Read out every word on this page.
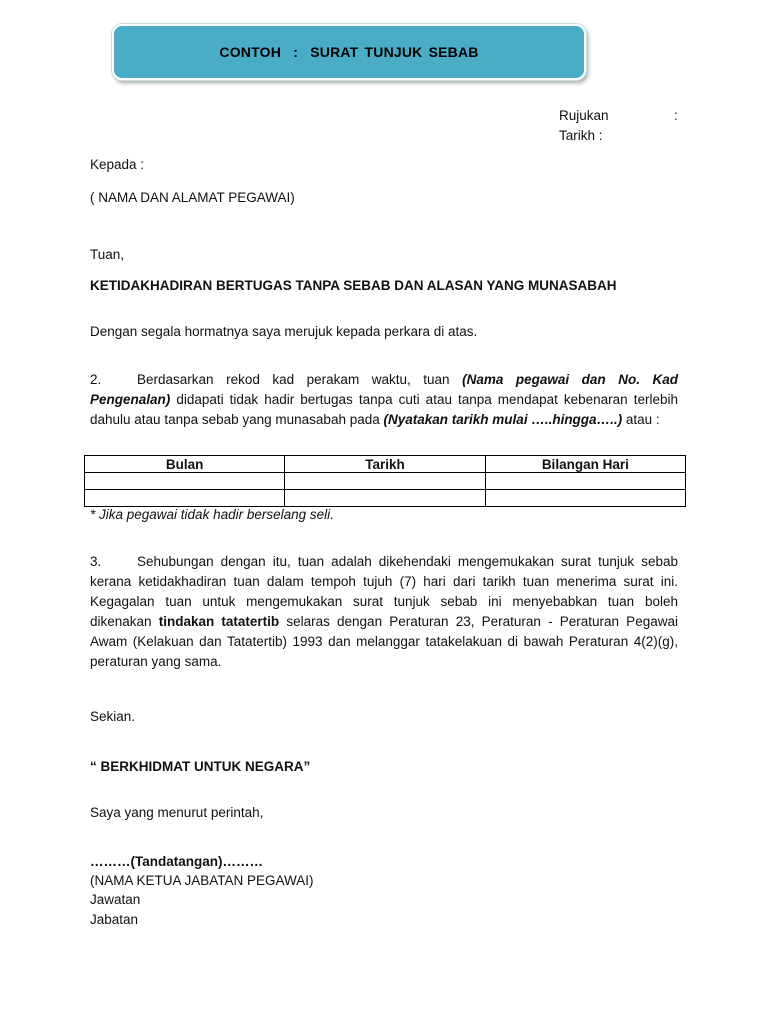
CONTOH  :  SURAT TUNJUK SEBAB
Rujukan	:
Tarikh :
Kepada :
( NAMA DAN ALAMAT PEGAWAI)
Tuan,
KETIDAKHADIRAN BERTUGAS TANPA SEBAB DAN ALASAN YANG MUNASABAH
Dengan segala hormatnya saya merujuk kepada perkara di atas.
2.	Berdasarkan rekod kad perakam waktu, tuan (Nama pegawai dan No. Kad
Pengenalan) didapati tidak hadir bertugas tanpa cuti atau tanpa mendapat kebenaran terlebih
dahulu atau tanpa sebab yang munasabah pada (Nyatakan tarikh mulai …..hingga…..) atau :
Bulan	Tarikh	Bilangan Hari

* Jika pegawai tidak hadir berselang seli.
3.	Sehubungan dengan itu, tuan adalah dikehendaki mengemukakan surat tunjuk sebab
kerana ketidakhadiran tuan dalam tempoh tujuh (7) hari dari tarikh tuan menerima surat ini.
Kegagalan tuan untuk mengemukakan surat tunjuk sebab ini menyebabkan tuan boleh
dikenakan tindakan tatatertib selaras dengan Peraturan 23, Peraturan - Peraturan Pegawai
Awam (Kelakuan dan Tatatertib) 1993 dan melanggar tatakelakuan di bawah Peraturan 4(2)(g),
peraturan yang sama.
Sekian.
“ BERKHIDMAT UNTUK NEGARA”
Saya yang menurut perintah,
………(Tandatangan)………
(NAMA KETUA JABATAN PEGAWAI)
Jawatan
Jabatan
